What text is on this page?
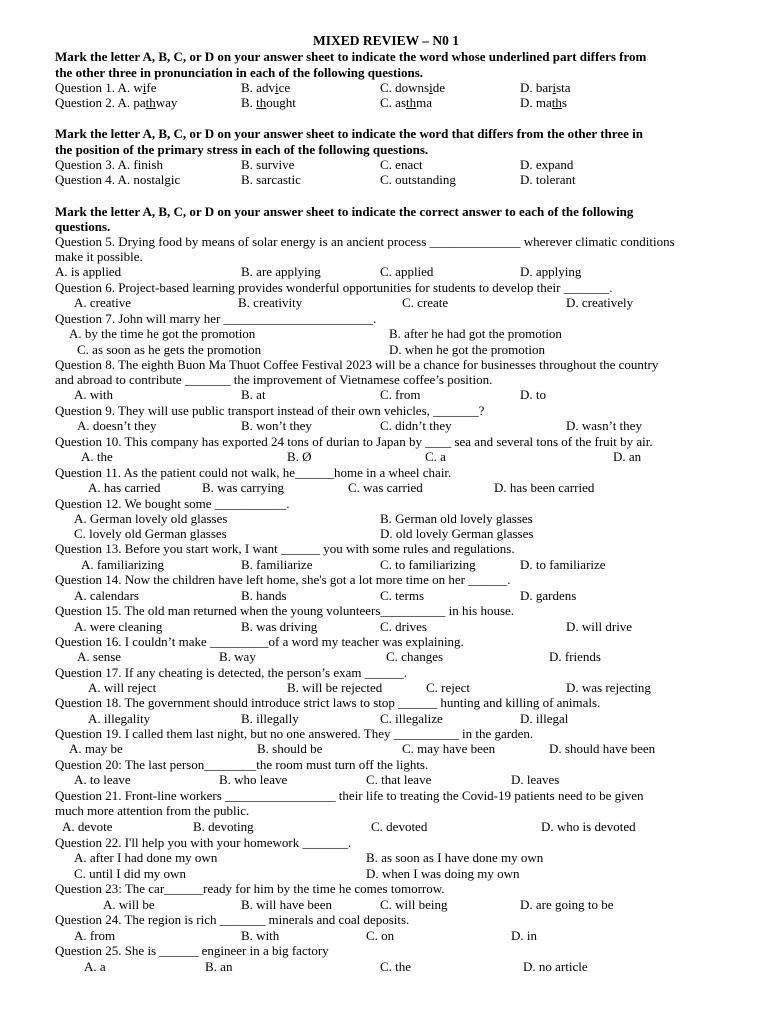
MIXED REVIEW – N0 1
Mark the letter A, B, C, or D on your answer sheet to indicate the word whose underlined part differs from
the other three in pronunciation in each of the following questions.
Question 1. A. wife	B. advice	C. downside	D. barista
Question 2. A. pathway	B. thought	C. asthma	D. maths
Mark the letter A, B, C, or D on your answer sheet to indicate the word that differs from the other three in
the position of the primary stress in each of the following questions.
Question 3. A. finish	B. survive	C. enact	D. expand
Question 4. A. nostalgic	B. sarcastic	C. outstanding	D. tolerant
Mark the letter A, B, C, or D on your answer sheet to indicate the correct answer to each of the following
questions.
Question 5. Drying food by means of solar energy is an ancient process ______________ wherever climatic conditions
make it possible.
A. is applied	B. are applying	C. applied	D. applying
Question 6. Project-based learning provides wonderful opportunities for students to develop their _______.
A. creative	B. creativity	C. create	D. creatively
Question 7. John will marry her _______________________.
A. by the time he got the promotion	B. after he had got the promotion
C. as soon as he gets the promotion	D. when he got the promotion
Question 8. The eighth Buon Ma Thuot Coffee Festival 2023 will be a chance for businesses throughout the country
and abroad to contribute _______ the improvement of Vietnamese coffee’s position.
A. with	B. at	C. from	D. to
Question 9. They will use public transport instead of their own vehicles, _______?
A. doesn’t they	B. won’t they	C. didn’t they	D. wasn’t they
Question 10. This company has exported 24 tons of durian to Japan by ____ sea and several tons of the fruit by air.
A. the	B. Ø	C. a	D. an
Question 11. As the patient could not walk, he______home in a wheel chair.
A. has carried	B. was carrying	C. was carried	D. has been carried
Question 12. We bought some ___________.
A. German lovely old glasses	B. German old lovely glasses
C. lovely old German glasses	D. old lovely German glasses
Question 13. Before you start work, I want ______ you with some rules and regulations.
A. familiarizing	B. familiarize	C. to familiarizing	D. to familiarize
Question 14. Now the children have left home, she's got a lot more time on her ______.
A. calendars	B. hands	C. terms	D. gardens
Question 15. The old man returned when the young volunteers__________ in his house.
A. were cleaning	B. was driving	C. drives	D. will drive
Question 16. I couldn’t make _________of a word my teacher was explaining.
A. sense	B. way	C. changes	D. friends
Question 17. If any cheating is detected, the person’s exam ______.
A. will reject	B. will be rejected	C. reject	D. was rejecting
Question 18. The government should introduce strict laws to stop ______ hunting and killing of animals.
A. illegality	B. illegally	C. illegalize	D. illegal
Question 19. I called them last night, but no one answered. They __________ in the garden.
A. may be	B. should be	C. may have been	D. should have been
Question 20: The last person________the room must turn off the lights.
A. to leave	B. who leave	C. that leave	D. leaves
Question 21. Front-line workers _________________ their life to treating the Covid-19 patients need to be given
much more attention from the public.
A. devote	B. devoting	C. devoted	D. who is devoted
Question 22. I'll help you with your homework _______.
A. after I had done my own	B. as soon as I have done my own
C. until I did my own	D. when I was doing my own
Question 23: The car______ready for him by the time he comes tomorrow.
A. will be	B. will have been	C. will being	D. are going to be
Question 24. The region is rich _______ minerals and coal deposits.
A. from	B. with	C. on	D. in
Question 25. She is ______ engineer in a big factory
A. a	B. an	C. the	D. no article
